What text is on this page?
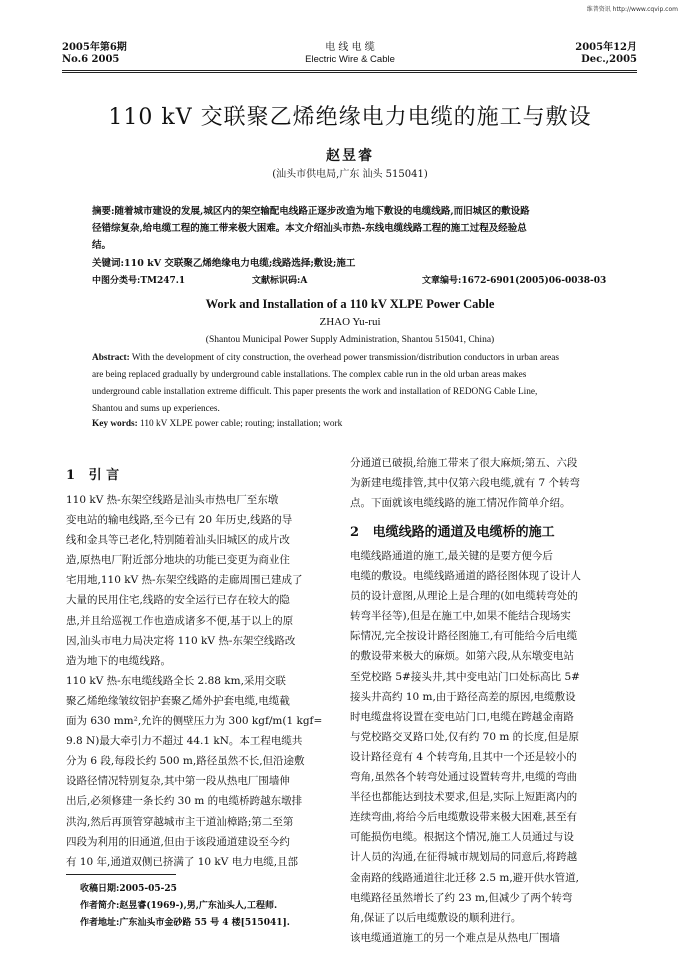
维普资讯 http://www.cqvip.com
2005年第6期
No.6 2005
电 线 电 缆
Electric Wire & Cable
2005年12月
Dec.,2005
110 kV 交联聚乙烯绝缘电力电缆的施工与敷设
赵昱睿
(汕头市供电局,广东 汕头 515041)
摘要:随着城市建设的发展,城区内的架空输配电线路正逐步改造为地下敷设的电缆线路,而旧城区的敷设路
径错综复杂,给电缆工程的施工带来极大困难。本文介绍汕头市热-东线电缆线路工程的施工过程及经验总
结。
关键词:110 kV 交联聚乙烯绝缘电力电缆;线路选择;敷设;施工
中图分类号:TM247.1	文献标识码:A	文章编号:1672-6901(2005)06-0038-03
Work and Installation of a 110 kV XLPE Power Cable
ZHAO Yu-rui
(Shantou Municipal Power Supply Administration, Shantou 515041, China)
Abstract: With the development of city construction, the overhead power transmission/distribution conductors in urban areas
are being replaced gradually by underground cable installations. The complex cable run in the old urban areas makes
underground cable installation extreme difficult. This paper presents the work and installation of REDONG Cable Line,
Shantou and sums up experiences.
Key words: 110 kV XLPE power cable; routing; installation; work
1 引 言

110 kV 热-东架空线路是汕头市热电厂至东墩

变电站的输电线路,至今已有 20 年历史,线路的导

线和金具等已老化,特别随着汕头旧城区的成片改

造,原热电厂附近部分地块的功能已变更为商业住

宅用地,110 kV 热-东架空线路的走廊周围已建成了

大量的民用住宅,线路的安全运行已存在较大的隐

患,并且给巡视工作也造成诸多不便,基于以上的原

因,汕头市电力局决定将 110 kV 热-东架空线路改

造为地下的电缆线路。

110 kV 热-东电缆线路全长 2.88 km,采用交联

聚乙烯绝缘皱纹铝护套聚乙烯外护套电缆,电缆截

面为 630 mm²,允许的侧壁压力为 300 kgf/m(1 kgf=

9.8 N)最大牵引力不超过 44.1 kN。本工程电缆共

分为 6 段,每段长约 500 m,路径虽然不长,但沿途敷

设路径情况特别复杂,其中第一段从热电厂围墙伸

出后,必须修建一条长约 30 m 的电缆桥跨越东墩排

洪沟,然后再顶管穿越城市主干道汕樟路;第二至第

四段为利用的旧通道,但由于该段通道建设至今约

有 10 年,通道双侧已挤满了 10 kV 电力电缆,且部

分通道已破损,给施工带来了很大麻烦;第五、六段

为新建电缆排管,其中仅第六段电缆,就有 7 个转弯

点。下面就该电缆线路的施工情况作简单介绍。

2 电缆线路的通道及电缆桥的施工

电缆线路通道的施工,最关键的是要方便今后

电缆的敷设。电缆线路通道的路径图体现了设计人

员的设计意图,从理论上是合理的(如电缆转弯处的

转弯半径等),但是在施工中,如果不能结合现场实

际情况,完全按设计路径图施工,有可能给今后电缆

的敷设带来极大的麻烦。如第六段,从东墩变电站

至党校路 5#接头井,其中变电站门口处标高比 5#

接头井高约 10 m,由于路径高差的原因,电缆敷设

时电缆盘将设置在变电站门口,电缆在跨越金南路

与党校路交叉路口处,仅有约 70 m 的长度,但是原

设计路径竟有 4 个转弯角,且其中一个还是较小的

弯角,虽然各个转弯处通过设置转弯井,电缆的弯曲

半径也都能达到技术要求,但是,实际上短距离内的

连续弯曲,将给今后电缆敷设带来极大困难,甚至有

可能损伤电缆。根据这个情况,施工人员通过与设

计人员的沟通,在征得城市规划局的同意后,将跨越

金南路的线路通道往北迁移 2.5 m,避开供水管道,

电缆路径虽然增长了约 23 m,但减少了两个转弯

角,保证了以后电缆敷设的顺利进行。

该电缆通道施工的另一个难点是从热电厂围墙

收稿日期:2005-05-25
作者简介:赵昱睿(1969-),男,广东汕头人,工程师.
作者地址:广东汕头市金砂路 55 号 4 楼[515041].
